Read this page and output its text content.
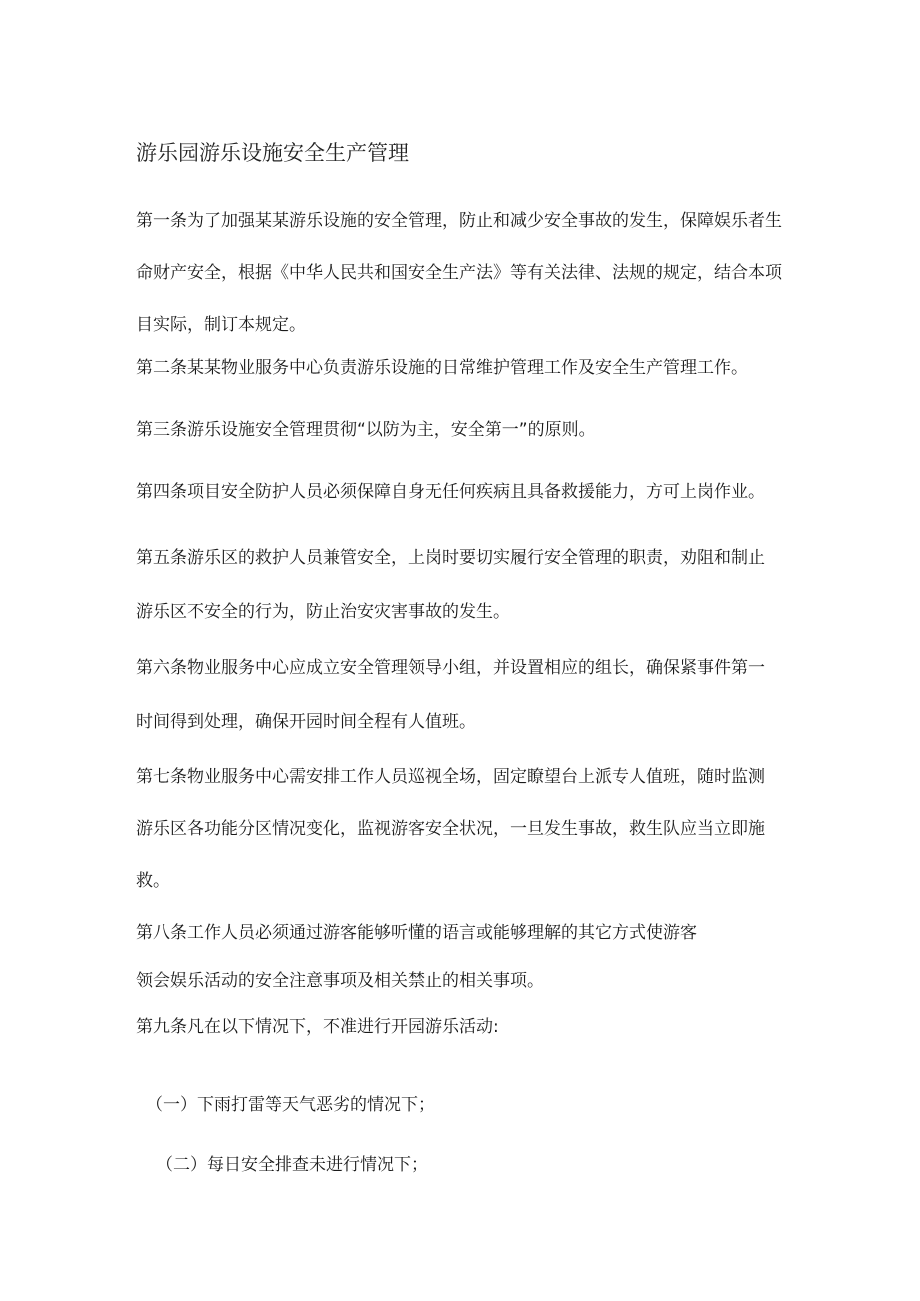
游乐园游乐设施安全生产管理
第一条为了加强某某游乐设施的安全管理，防止和减少安全事故的发生，保障娱乐者生
命财产安全，根据《中华人民共和国安全生产法》等有关法律、法规的规定，结合本项
目实际，制订本规定。
第二条某某物业服务中心负责游乐设施的日常维护管理工作及安全生产管理工作。
第三条游乐设施安全管理贯彻“以防为主，安全第一”的原则。
第四条项目安全防护人员必须保障自身无任何疾病且具备救援能力，方可上岗作业。
第五条游乐区的救护人员兼管安全，上岗时要切实履行安全管理的职责，劝阻和制止
游乐区不安全的行为，防止治安灾害事故的发生。
第六条物业服务中心应成立安全管理领导小组，并设置相应的组长，确保紧事件第一
时间得到处理，确保开园时间全程有人值班。
第七条物业服务中心需安排工作人员巡视全场，固定瞭望台上派专人值班，随时监测
游乐区各功能分区情况变化，监视游客安全状况，一旦发生事故，救生队应当立即施
救。
第八条工作人员必须通过游客能够听懂的语言或能够理解的其它方式使游客
领会娱乐活动的安全注意事项及相关禁止的相关事项。
第九条凡在以下情况下，不准进行开园游乐活动:
（一）下雨打雷等天气恶劣的情况下；
（二）每日安全排查未进行情况下；
